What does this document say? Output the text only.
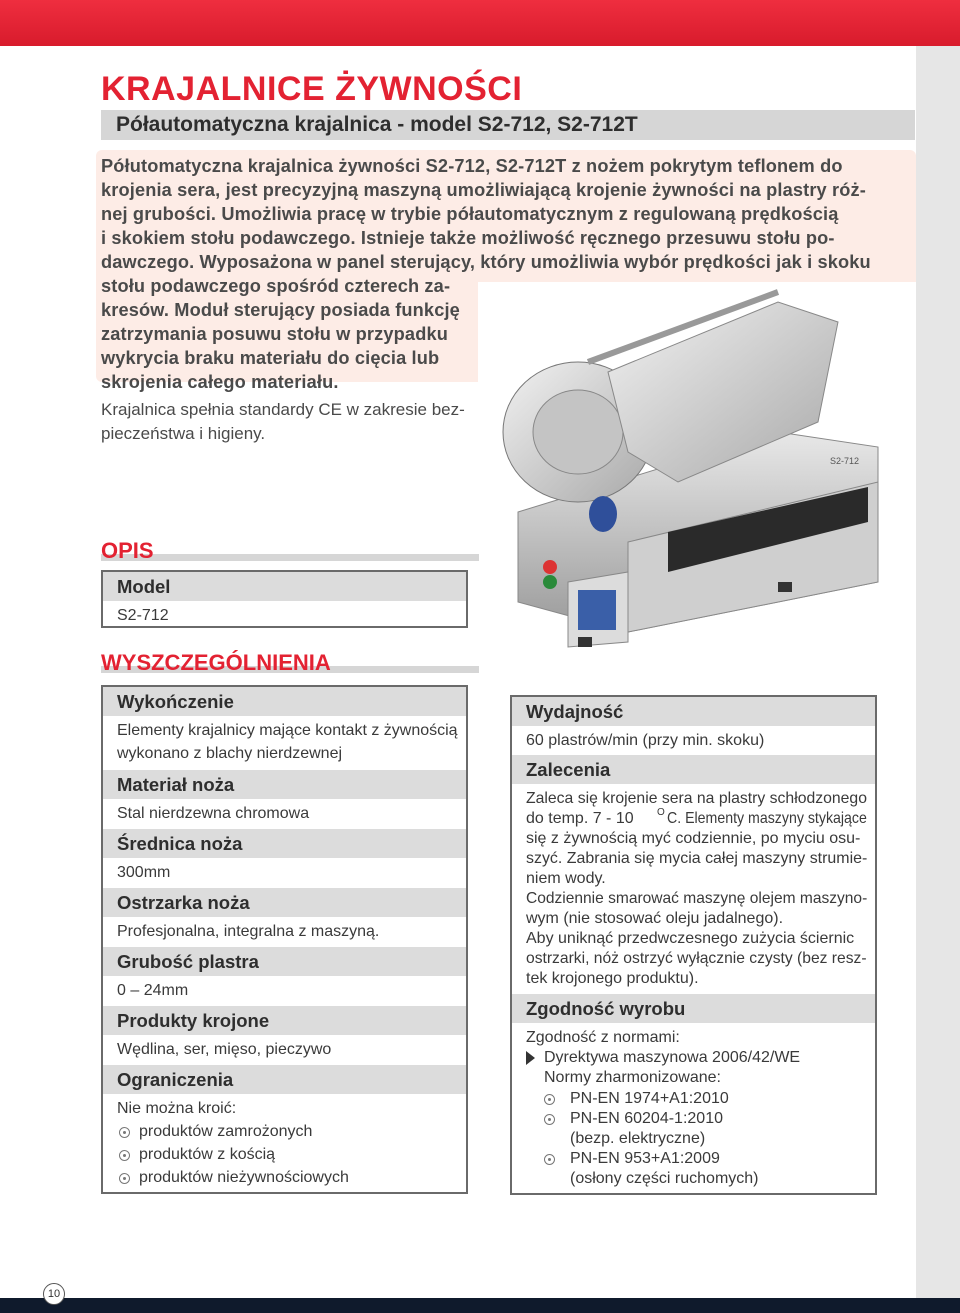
KRAJALNICE ŻYWNOŚCI
Półautomatyczna krajalnica - model S2-712, S2-712T
Półutomatyczna krajalnica żywności S2-712, S2-712T z nożem pokrytym teflonem do
krojenia sera, jest precyzyjną maszyną umożliwiającą krojenie żywności na plastry róż-
nej grubości. Umożliwia pracę w trybie półautomatycznym z regulowaną prędkością
i skokiem stołu podawczego. Istnieje także możliwość ręcznego przesuwu stołu po-
dawczego. Wyposażona w panel sterujący, który umożliwia wybór prędkości jak i skoku
stołu podawczego spośród czterech za-
S2-712
kresów. Moduł sterujący posiada funkcję
zatrzymania posuwu stołu w przypadku
wykrycia braku materiału do cięcia lub
skrojenia całego materiału.
Krajalnica spełnia standardy CE w zakresie bez-
pieczeństwa i higieny.
OPIS
Model
S2-712
WYSZCZEGÓLNIENIA
Wykończenie
Elementy krajalnicy mające kontakt z żywnością
wykonano z blachy nierdzewnej
Materiał noża
Stal nierdzewna chromowa
Średnica noża
300mm
Ostrzarka noża
Profesjonalna, integralna z maszyną.
Grubość plastra
0 – 24mm
Produkty krojone
Wędlina, ser, mięso, pieczywo
Ograniczenia
Nie można kroić:
produktów zamrożonych
produktów z kością
produktów nieżywnościowych
Wydajność
60 plastrów/min (przy min. skoku)
Zalecenia
Zaleca się krojenie sera na plastry schłodzonego
do temp. 7 - 10 O C. Elementy maszyny stykające
się z żywnością myć codziennie, po myciu osu-
szyć. Zabrania się mycia całej maszyny strumie-
niem wody.
Codziennie smarować maszynę olejem maszyno-
wym (nie stosować oleju jadalnego).
Aby uniknąć przedwczesnego zużycia ściernic
ostrzarki, nóż ostrzyć wyłącznie czysty (bez resz-
tek krojonego produktu).
Zgodność wyrobu
Zgodność z normami:
Dyrektywa maszynowa 2006/42/WE
Normy zharmonizowane:
PN-EN 1974+A1:2010
PN-EN 60204-1:2010
(bezp. elektryczne)
PN-EN 953+A1:2009
(osłony części ruchomych)
10
